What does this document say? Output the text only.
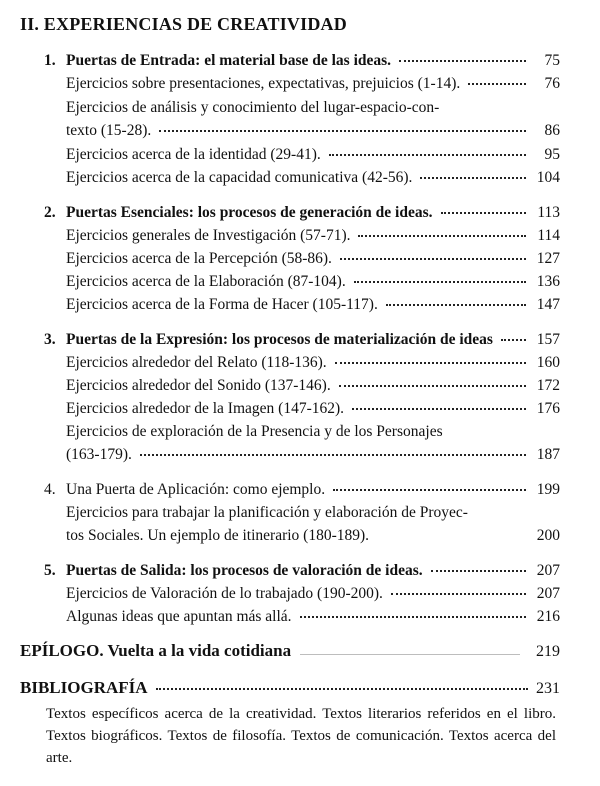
II. EXPERIENCIAS DE CREATIVIDAD
1. Puertas de Entrada: el material base de las ideas.	75
Ejercicios sobre presentaciones, expectativas, prejuicios (1-14).	76
Ejercicios de análisis y conocimiento del lugar-espacio-con-
texto (15-28).	86
Ejercicios acerca de la identidad (29-41).	95
Ejercicios acerca de la capacidad comunicativa (42-56).	104
2. Puertas Esenciales: los procesos de generación de ideas.	113
Ejercicios generales de Investigación (57-71).	114
Ejercicios acerca de la Percepción (58-86).	127
Ejercicios acerca de la Elaboración (87-104).	136
Ejercicios acerca de la Forma de Hacer (105-117).	147
3. Puertas de la Expresión: los procesos de materialización de ideas	157
Ejercicios alrededor del Relato (118-136).	160
Ejercicios alrededor del Sonido (137-146).	172
Ejercicios alrededor de la Imagen (147-162).	176
Ejercicios de exploración de la Presencia y de los Personajes
(163-179).	187
4. Una Puerta de Aplicación: como ejemplo.	199
Ejercicios para trabajar la planificación y elaboración de Proyec-
tos Sociales. Un ejemplo de itinerario (180-189).	200
5. Puertas de Salida: los procesos de valoración de ideas.	207
Ejercicios de Valoración de lo trabajado (190-200).	207
Algunas ideas que apuntan más allá.	216
EPÍLOGO. Vuelta a la vida cotidiana	219
BIBLIOGRAFÍA	231
Textos específicos acerca de la creatividad. Textos literarios referidos en el libro. Textos biográficos. Textos de filosofía. Textos de comunicación. Textos acerca del arte.
